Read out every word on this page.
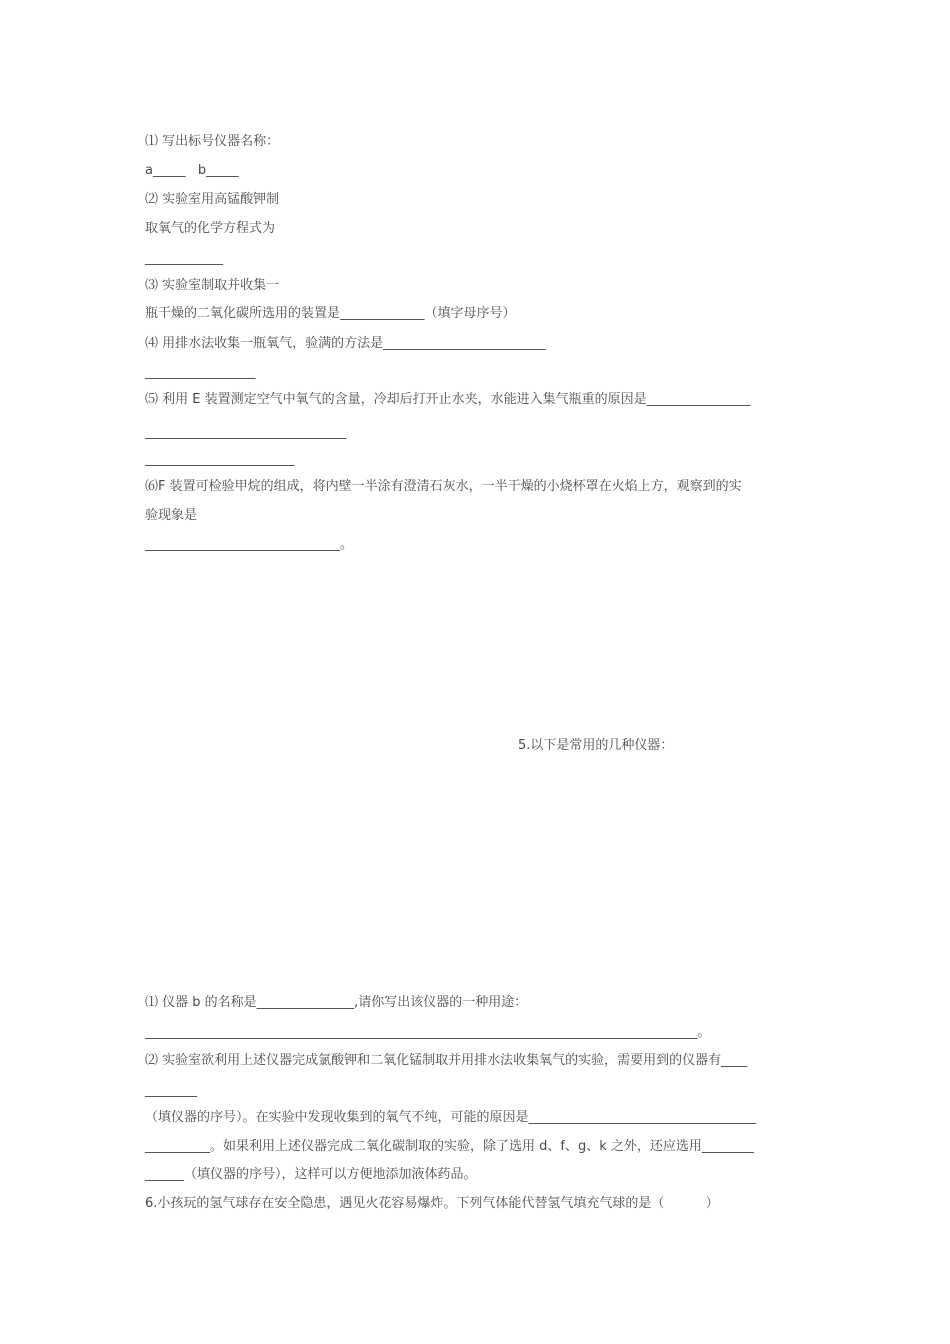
⑴ 写出标号仪器名称：
a_____   b_____
⑵ 实验室用高锰酸钾制
取氧气的化学方程式为
____________
⑶ 实验室制取并收集一
瓶干燥的二氧化碳所选用的装置是_____________（填字母序号）
⑷ 用排水法收集一瓶氧气，验满的方法是_________________________
_________________
⑸ 利用 E 装置测定空气中氧气的含量，冷却后打开止水夹，水能进入集气瓶重的原因是________________
_______________________________
_______________________
⑹F 装置可检验甲烷的组成，将内壁一半涂有澄清石灰水，一半干燥的小烧杯罩在火焰上方，观察到的实
验现象是
______________________________。
5.以下是常用的几种仪器：
⑴ 仪器 b 的名称是_______________,请你写出该仪器的一种用途：
_____________________________________________________________________________________。
⑵ 实验室欲利用上述仪器完成氯酸钾和二氧化锰制取并用排水法收集氧气的实验，需要用到的仪器有____
________
（填仪器的序号）。在实验中发现收集到的氧气不纯，可能的原因是___________________________________
__________。如果利用上述仪器完成二氧化碳制取的实验，除了选用 d、f、g、k 之外，还应选用________
______（填仪器的序号），这样可以方便地添加液体药品。
6.小孩玩的氢气球存在安全隐患，遇见火花容易爆炸。下列气体能代替氢气填充气球的是（          ）
